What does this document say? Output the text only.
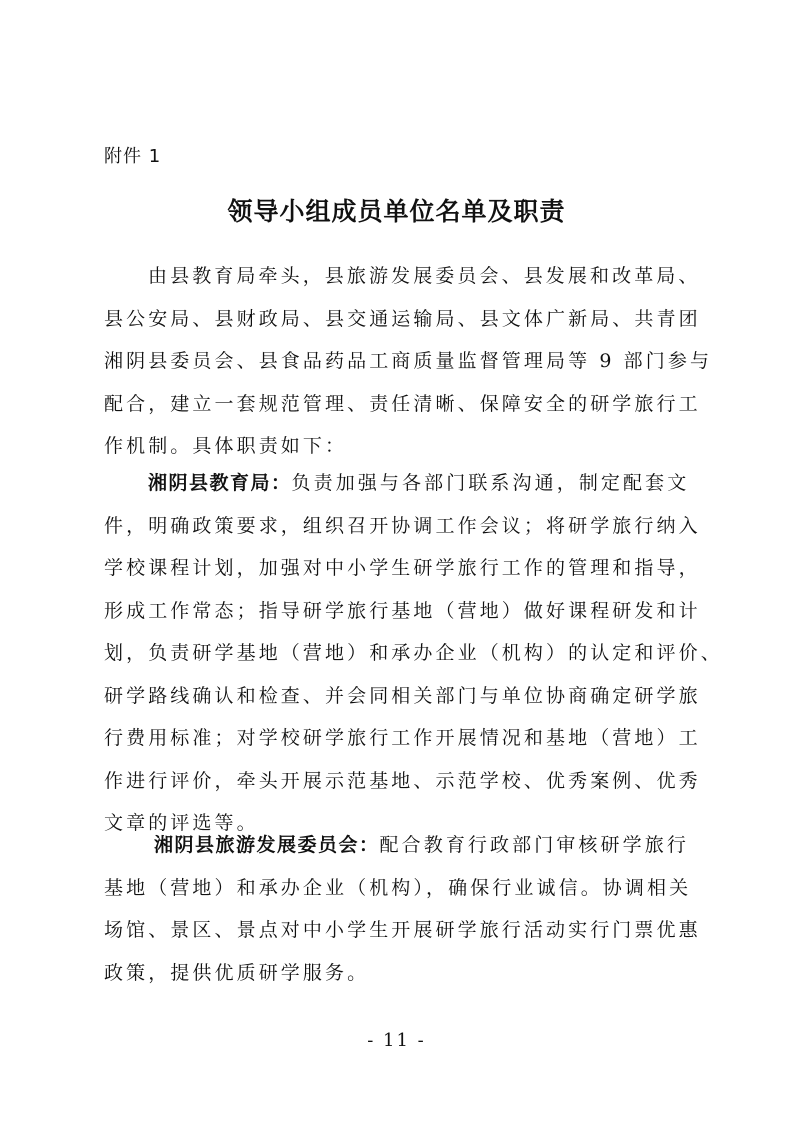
附件 1
领导小组成员单位名单及职责
由县教育局牵头，县旅游发展委员会、县发展和改革局、
县公安局、县财政局、县交通运输局、县文体广新局、共青团
湘阴县委员会、县食品药品工商质量监督管理局等 9 部门参与
配合，建立一套规范管理、责任清晰、保障安全的研学旅行工
作机制。具体职责如下：
湘阴县教育局：负责加强与各部门联系沟通，制定配套文
件，明确政策要求，组织召开协调工作会议；将研学旅行纳入
学校课程计划，加强对中小学生研学旅行工作的管理和指导，
形成工作常态；指导研学旅行基地（营地）做好课程研发和计
划，负责研学基地（营地）和承办企业（机构）的认定和评价、
研学路线确认和检查、并会同相关部门与单位协商确定研学旅
行费用标准；对学校研学旅行工作开展情况和基地（营地）工
作进行评价，牵头开展示范基地、示范学校、优秀案例、优秀
文章的评选等。
湘阴县旅游发展委员会：配合教育行政部门审核研学旅行
基地（营地）和承办企业（机构），确保行业诚信。协调相关
场馆、景区、景点对中小学生开展研学旅行活动实行门票优惠
政策，提供优质研学服务。
- 11 -
